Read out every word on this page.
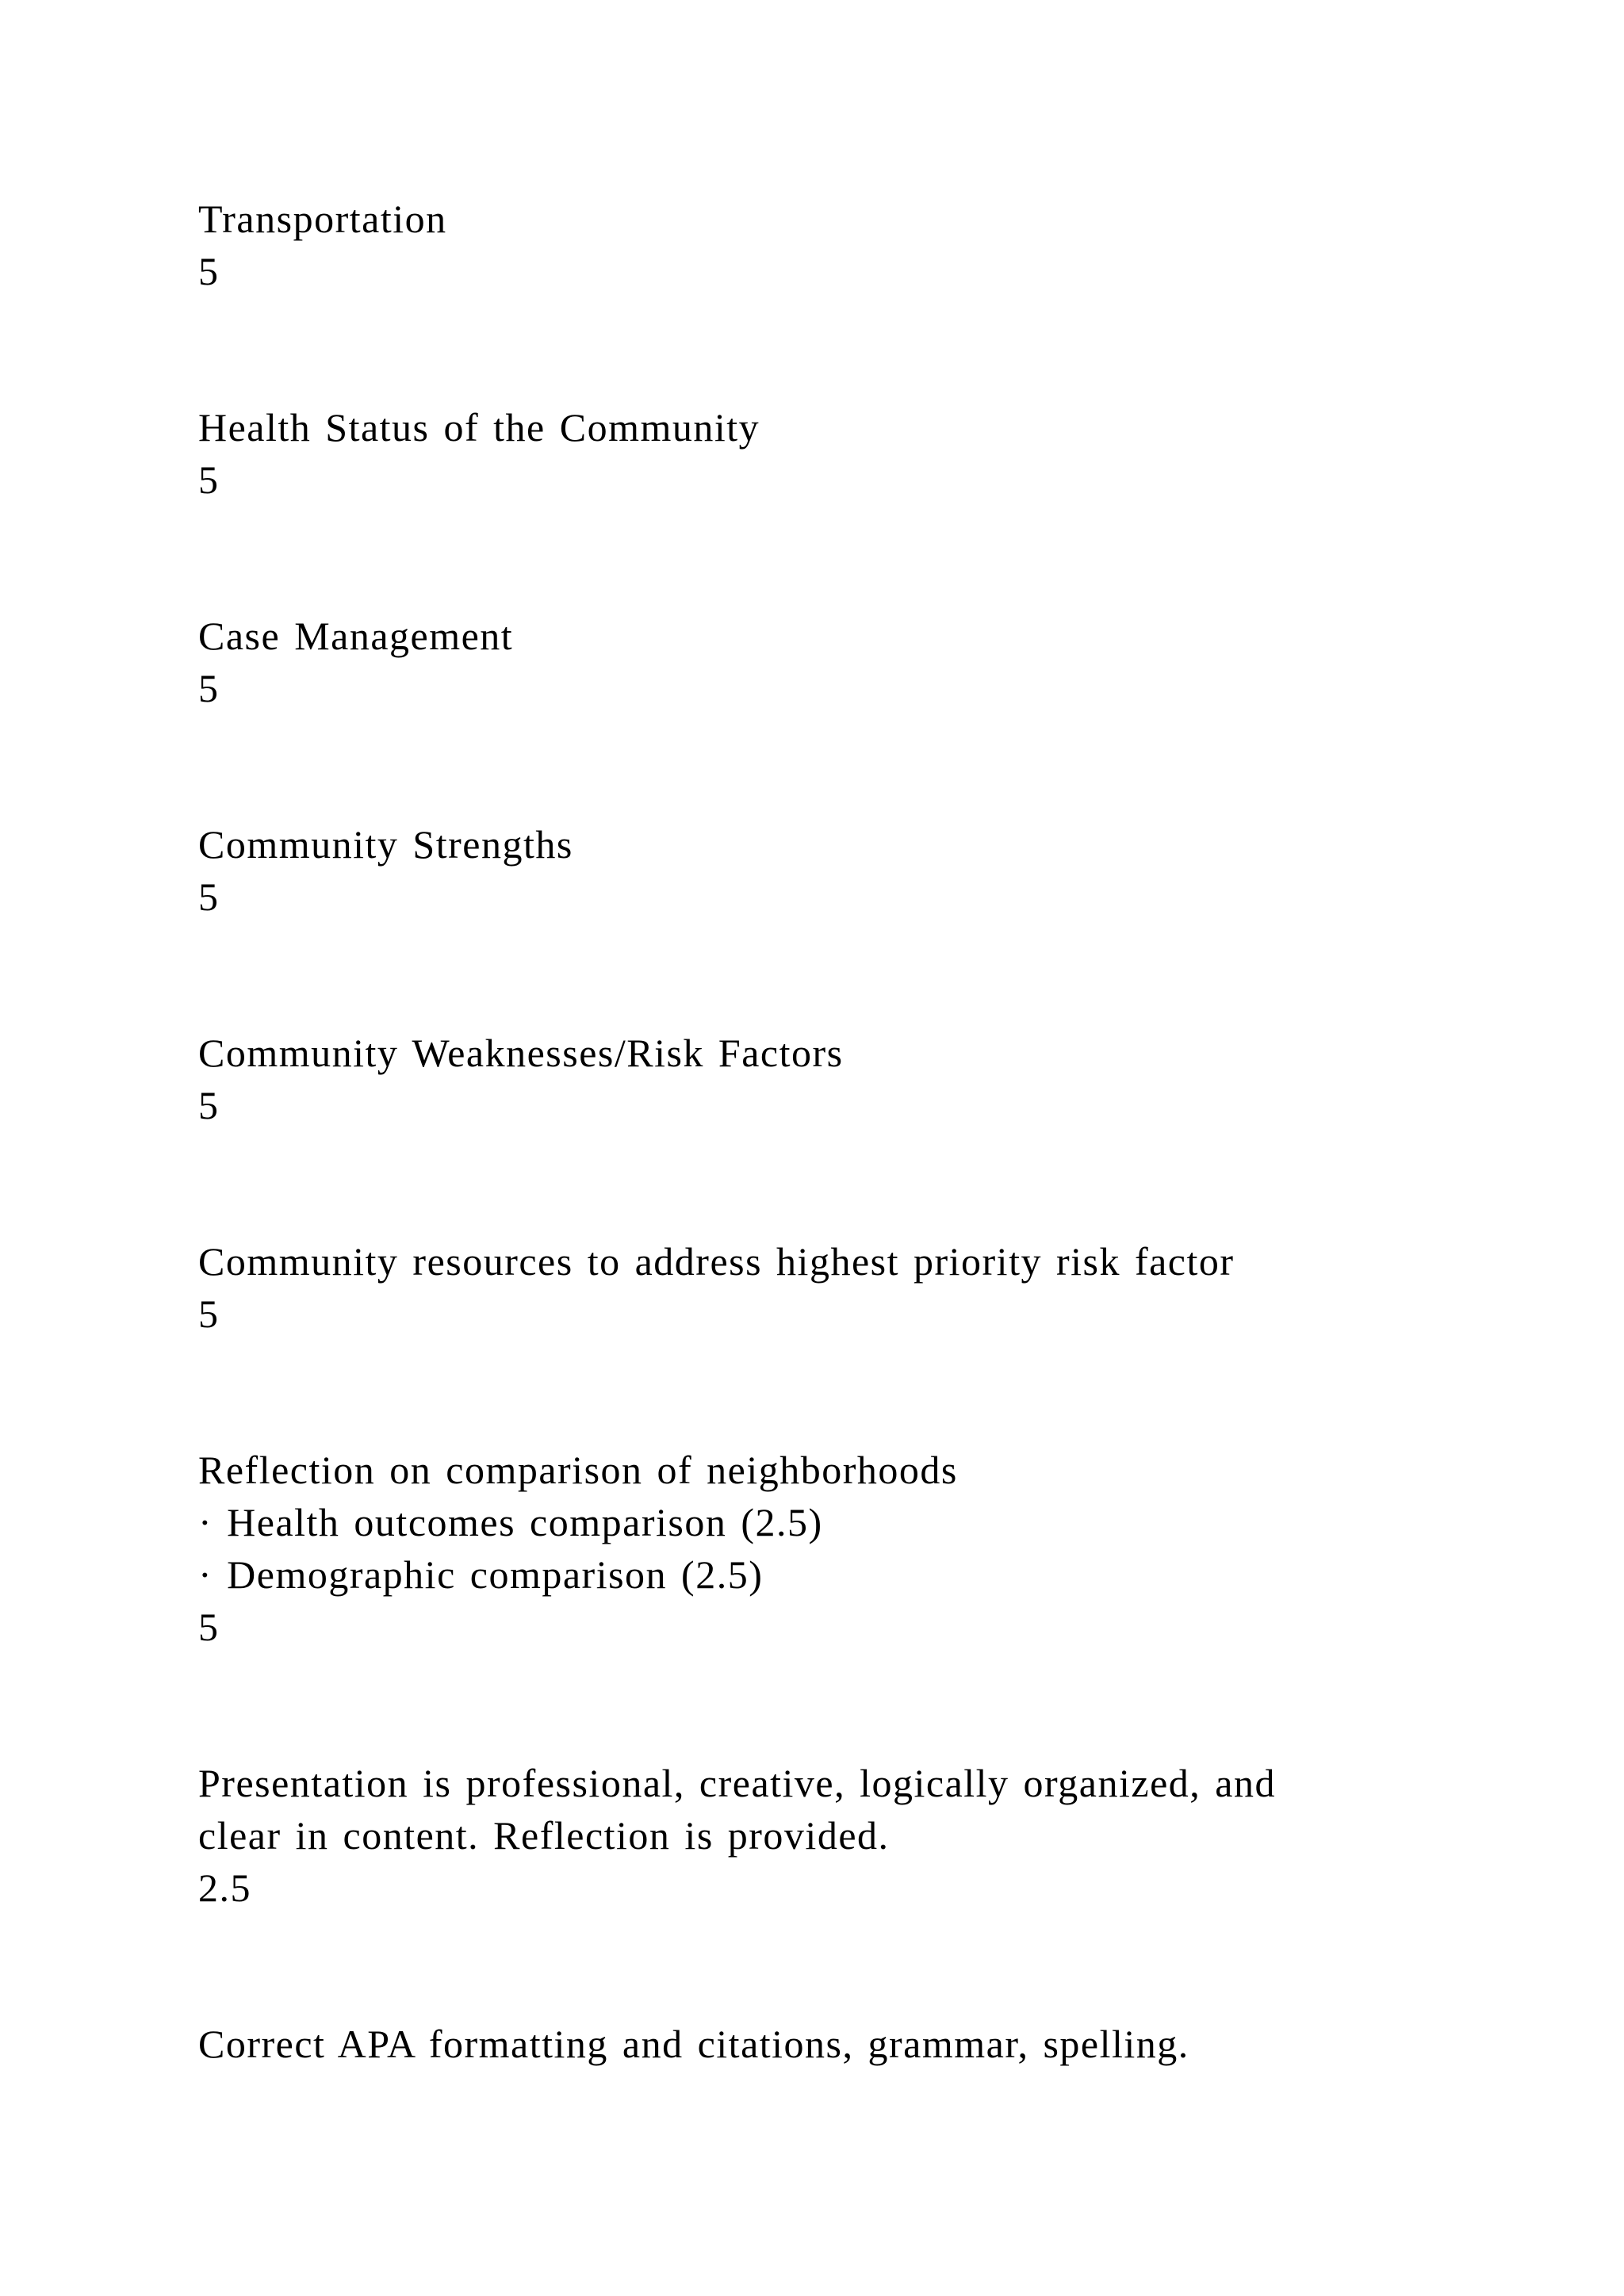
Transportation

5

Health Status of the Community

5

Case Management

5

Community Strengths

5

Community Weaknesses/Risk Factors

5

Community resources to address highest priority risk factor

5

Reflection on comparison of neighborhoods

· Health outcomes comparison (2.5)

· Demographic comparison (2.5)

5

Presentation is professional, creative, logically organized, and

clear in content. Reflection is provided.

2.5

Correct APA formatting and citations, grammar, spelling.
